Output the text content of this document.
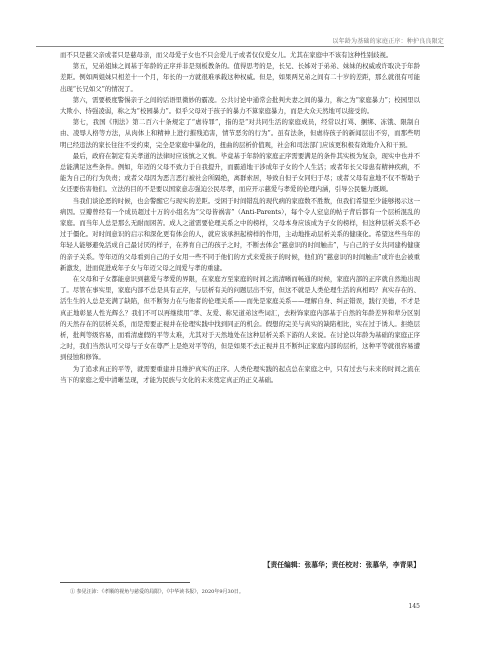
以年龄为基础的家庭正序：种护良良限定

而不只是慈父亲或者只是慈母亲，而父母爱子女也不只会爱儿子或者仅仅爱女儿。尤其在家庭中不该有这种性别歧视。

第五，兄弟姐妹之间基于年龄的正序并非是刻板教条的。值得思考的是，长兄、长姊对于弟弟、妹妹的权威或许取决于年龄差距。例如两姐妹只相差十一个月，年长的一方就很难承载这种权威。但是，如果两兄弟之间有二十岁的差距，那么就很有可能出现“长兄如父”的情况了。

第六，需要极度警惕亲子之间的话语里微妙的霸凌。公共讨论中通常会批判夫妻之间的暴力，称之为“家庭暴力”；校园里以大欺小、恃强凌弱，称之为“校园暴力”。似乎父母对于孩子的暴力不算家庭暴力，而是大众天然地可以接受的。

第七，我国《刑法》第二百六十条规定了“虐待罪”，指的是“对共同生活的家庭成员，经常以打骂、捆绑、冻饿、限制自由、凌辱人格等方法，从肉体上和精神上进行摧残追害，情节恶劣的行为”。虽有法条，但虐待孩子的新闻层出不穷，而那些明明已经违法的家长往往不受约束，完全是家庭中暴化的，扭曲的层析价值观，社会和司法部门应该更积极有效地介入和干预。

最后，政府在制定有关孝道的法律时应该慎之又慎。毕竟基于年龄的家庭正序需要满足的条件其实极为复杂，现实中也并不总能满足这些条件。例如，年迈的父母不致力于自我提升，而霸道地干涉成年子女的个人生活；或者年长父母患有精神疾病，不能为自己的行为负责；或者父母因为恶言恶行被社会所隔绝，离群索居，导致自但子女同归于尽；或者父母有意地不仅不帮助子女还要伤害他们。立法的目的不是要以国家意志强迫公民尽孝，而应开示慈爱与孝爱的伦理内涵，引导公民魅力既顾。

当我们谈论恶的时候，也会警醒它与现实的差距。受困于时间错乱的现代病的家庭数不胜数，但我们希望至少能够揭示这一病因。豆瓣曾经有一个成员超过十万的小组名为“父母皆祸害”（Anti-Parents），每个令人窒息的帖子背后都有一个层析混乱的家庭。而当年人总是那么无耐而困苦。成人之道需要伦理关系之中的榜样，父母本身应该成为子女的榜样，但这种层析关系不必过于僵化。对时间意识的启示和深化更有体会的人，就应该承担起榜样的作用，主动地推动层析关系的健康化。希望这些当年的年轻人能够避免活成自己最讨厌的样子，在养育自己的孩子之时，不断去体会“慈意识的时间触击”，与自己的子女共同建构健康的亲子关系。等年迈的父母看到自己的子女用一些不同于他们的方式来爱孩子的时候，他们的“慈意识的时间触击”或许也会被重新激发，进而促进成年子女与年迈父母之间爱与孝的重建。

在父母和子女都能意识到慈爱与孝爱的界限，在家庭方至家庭的时间之流清晰而畅通的时候，家庭内部的正序就自然地出现了。尽管在事实里，家庭内部不总是具有正序，与层析有关的问题层出不穷，但这不就是人类伦理生活的真相吗？真实存在的、活生生的人总是充满了缺陷，但不断努力在与他者的伦理关系——而先是家庭关系——理解自身、纠正错误，践行美德，不才是真正地彰显人性光辉么？我们不可以再继续用“孝、友爱、称兄道弟这些词汇，去粉饰家庭内部基于自然的年龄差异和辈分区别的天然存在的层析关系，而是需要正视并在伦理实践中找到同正的机会。假想的完美与真实的缺陷相比，实在过于诱人。拒绝层析，批判等级容易，而看清虚假的平等太难，尤其对于天然地处在这种层析关系下游的人来说。在讨论以年龄为基础的家庭正序之时，我们当然认可父母与子女在尊严上是绝对平等的，但是如果不去正视并且不断纠正家庭内部的层析，这种平等就很容易遭到侵蚀和修饰。

为了追求真正的平等，就需要重建并且维护真实的正序。人类伦理实践的起点总在家庭之中，只有过去与未来的时间之流在当下的家庭之爱中清晰呈现，才能为民族与文化的未来奠定真正的正义基础。

【责任编辑：张慕华；责任校对：张慕华，李青果】
① 参见汪沛：《孝顺的视角与慈爱的局限》，《中华读书报》，2020年9月30日。
145
